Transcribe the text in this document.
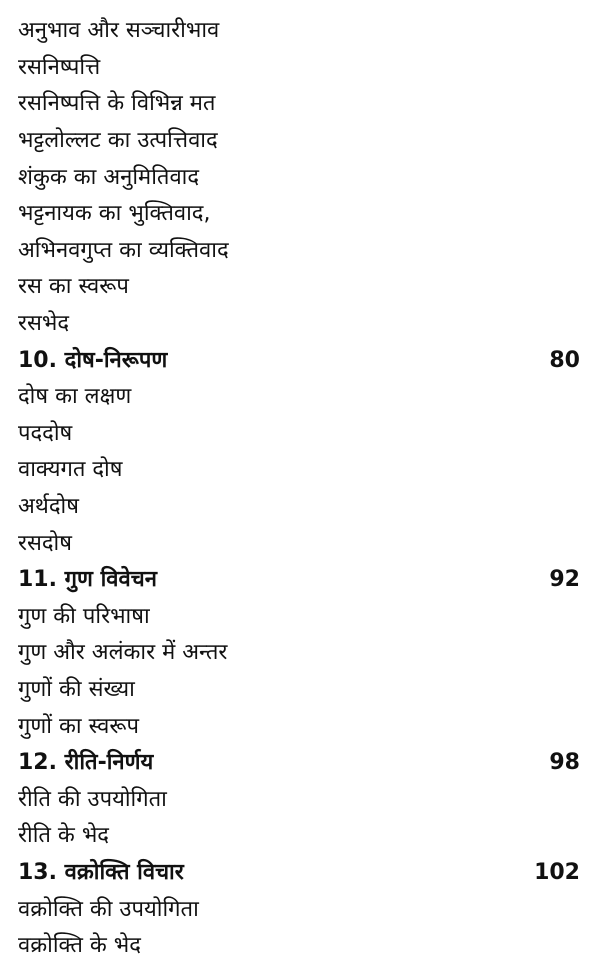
अनुभाव और सञ्चारीभाव
रसनिष्पत्ति
रसनिष्पत्ति के विभिन्न मत
भट्टलोल्लट का उत्पत्तिवाद
शंकुक का अनुमितिवाद
भट्टनायक का भुक्तिवाद,
अभिनवगुप्त का व्यक्तिवाद
रस का स्वरूप
रसभेद
10. दोष-निरूपण	80
दोष का लक्षण
पददोष
वाक्यगत दोष
अर्थदोष
रसदोष
11. गुण विवेचन	92
गुण की परिभाषा
गुण और अलंकार में अन्तर
गुणों की संख्या
गुणों का स्वरूप
12. रीति-निर्णय	98
रीति की उपयोगिता
रीति के भेद
13. वक्रोक्ति विचार	102
वक्रोक्ति की उपयोगिता
वक्रोक्ति के भेद
